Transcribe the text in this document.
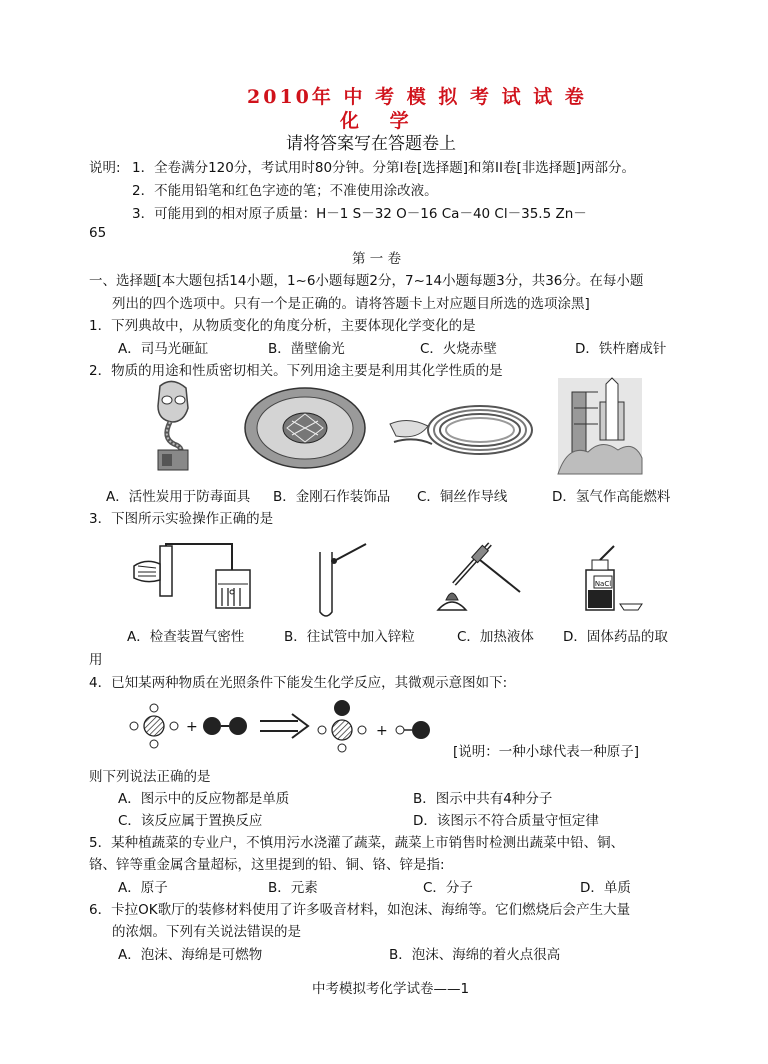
2010年 中 考 模 拟 考 试 试 卷
化 学
请将答案写在答题卷上
说明: 1．全卷满分120分，考试用时80分钟。分第Ⅰ卷[选择题]和第II卷[非选择题]两部分。
2．不能用铅笔和红色字迹的笔；不准使用涂改液。
3．可能用到的相对原子质量：H－1 S－32 O－16 Ca－40 Cl－35.5 Zn－
65
第 一 卷
一、选择题[本大题包括14小题，1~6小题每题2分，7~14小题每题3分，共36分。在每小题
列出的四个选项中。只有一个是正确的。请将答题卡上对应题目所选的选项涂黑]
1．下列典故中，从物质变化的角度分析，主要体现化学变化的是
A．司马光砸缸	B．凿壁偷光	C．火烧赤壁	D．铁杵磨成针
2．物质的用途和性质密切相关。下列用途主要是利用其化学性质的是
A．活性炭用于防毒面具 B．金刚石作装饰品 C．铜丝作导线	D．氢气作高能燃料
3．下图所示实验操作正确的是
NaCl
A．检查装置气密性	B．往试管中加入锌粒	C．加热液体 D．固体药品的取
用
4．已知某两种物质在光照条件下能发生化学反应，其微观示意图如下:
+	+
[说明：一种小球代表一种原子]
则下列说法正确的是
A．图示中的反应物都是单质	B．图示中共有4种分子
C．该反应属于置换反应	D．该图示不符合质量守恒定律
5．某种植蔬菜的专业户，不慎用污水浇灌了蔬菜，蔬菜上市销售时检测出蔬菜中铅、铜、
铬、锌等重金属含量超标，这里提到的铅、铜、铬、锌是指:
A．原子	B．元素	C．分子	D．单质
6．卡拉OK歌厅的装修材料使用了许多吸音材料，如泡沫、海绵等。它们燃烧后会产生大量
的浓烟。下列有关说法错误的是
A．泡沫、海绵是可燃物	B．泡沫、海绵的着火点很高
中考模拟考化学试卷——1
